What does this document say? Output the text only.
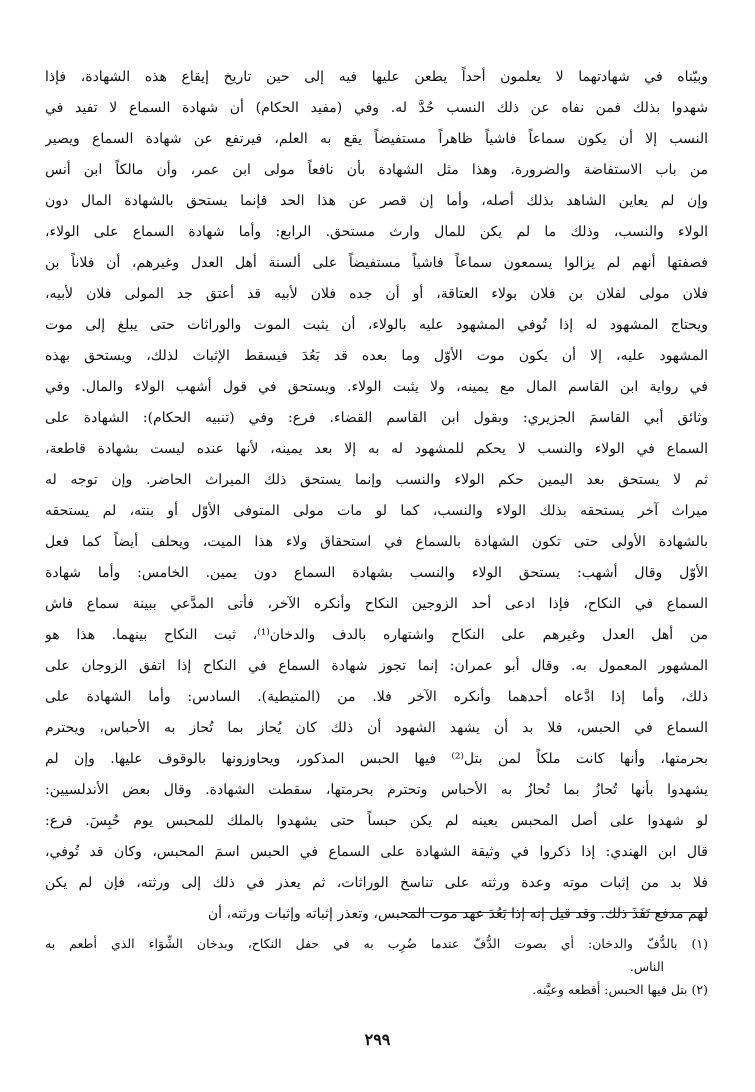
وبيّناه في شهادتهما لا يعلمون أحداً يطعن عليها فيه إلى حين تاريخ إيقاع هذه الشهادة، فإذا
شهدوا بذلك فمن نفاه عن ذلك النسب حُدَّ له. وفي (مفيد الحكام) أن شهادة السماع لا تفيد في
النسب إلا أن يكون سماعاً فاشياً ظاهراً مستفيضاً يقع به العلم، فيرتفع عن شهادة السماع ويصير
من باب الاستفاضة والضرورة. وهذا مثل الشهادة بأن نافعاً مولى ابن عمر، وأن مالكاً ابن أنس
وإن لم يعاين الشاهد بذلك أصله، وأما إن قصر عن هذا الحد فإنما يستحق بالشهادة المال دون
الولاء والنسب، وذلك ما لم يكن للمال وارث مستحق. الرابع: وأما شهادة السماع على الولاء،
فصفتها أنهم لم يزالوا يسمعون سماعاً فاشياً مستفيضاً على ألسنة أهل العدل وغيرهم، أن فلاناً بن
فلان مولى لفلان بن فلان بولاء العتاقة، أو أن جده فلان لأبيه قد أعتق جد المولى فلان لأبيه،
ويحتاج المشهود له إذا تُوفي المشهود عليه بالولاء، أن يثبت الموت والوراثات حتى يبلغ إلى موت
المشهود عليه، إلا أن يكون موت الأوّل وما بعده قد بَعُدَ فيسقط الإثبات لذلك، ويستحق بهذه
في رواية ابن القاسم المال مع يمينه، ولا يثبت الولاء. ويستحق في قول أشهب الولاء والمال. وفي
وثائق أبي القاسمَ الجزيري: وبقول ابن القاسم القضاء. فرع: وفي (تنبيه الحكام): الشهادة على
السماع في الولاء والنسب لا يحكم للمشهود له به إلا بعد يمينه، لأنها عنده ليست بشهادة قاطعة،
ثم لا يستحق بعد اليمين حكم الولاء والنسب وإنما يستحق ذلك الميراث الحاضر. وإن توجه له
ميراث آخر يستحقه بذلك الولاء والنسب، كما لو مات مولى المتوفى الأوّل أو بنته، لم يستحقه
بالشهادة الأولى حتى تكون الشهادة بالسماع في استحقاق ولاء هذا الميت، ويحلف أيضاً كما فعل
الأوّل وقال أشهب: يستحق الولاء والنسب بشهادة السماع دون يمين. الخامس: وأما شهادة
السماع في النكاح، فإذا ادعى أحد الزوجين النكاح وأنكره الآخر، فأتى المدَّعي ببينة سماع فاش
من أهل العدل وغيرهم على النكاح واشتهاره بالدف والدخان⁽¹⁾، ثبت النكاح بينهما. هذا هو
المشهور المعمول به. وقال أبو عمران: إنما تجوز شهادة السماع في النكاح إذا اتفق الزوجان على
ذلك، وأما إذا ادَّعاه أحدهما وأنكره الآخر فلا. من (المتيطية). السادس: وأما الشهادة على
السماع في الحبس، فلا بد أن يشهد الشهود أن ذلك كان يُحاز بما تُحاز به الأحباس، ويحترم
بحرمتها، وأنها كانت ملكاً لمن بتل⁽²⁾ فيها الحبس المذكور، ويحاوزونها بالوقوف عليها. وإن لم
يشهدوا بأنها تُحازُ بما تُحازُ به الأحباس وتحترم بحرمتها، سقطت الشهادة. وقال بعض الأندلسيين:
لو شهدوا على أصل المحبس بعينه لم يكن حبساً حتى يشهدوا بالملك للمحبس يوم حُبِسَ. فرع:
قال ابن الهندي: إذا ذكروا في وثيقة الشهادة على السماع في الحبس اسمَ المحبس، وكان قد تُوفي،
فلا بد من إثبات موته وعدة ورثته على تناسخ الوراثات، ثم يعذر في ذلك إلى ورثته، فإن لم يكن
لهم مدفع نَفَذَ ذلك. وقد قيل إنه إذا بَعُدَ عهد موت المحبس، وتعذر إثباته وإثبات ورثته، أن
(١) بالدُّفّ والدخان: أي بصوت الدُّفّ عندما ضُرِب به في حفل النكاح، وبدخان الشِّوَاء الذي أطعم به
الناس.
(٢) بتل فيها الحبس: أقطعه وعيَّنه.
٢٩٩
